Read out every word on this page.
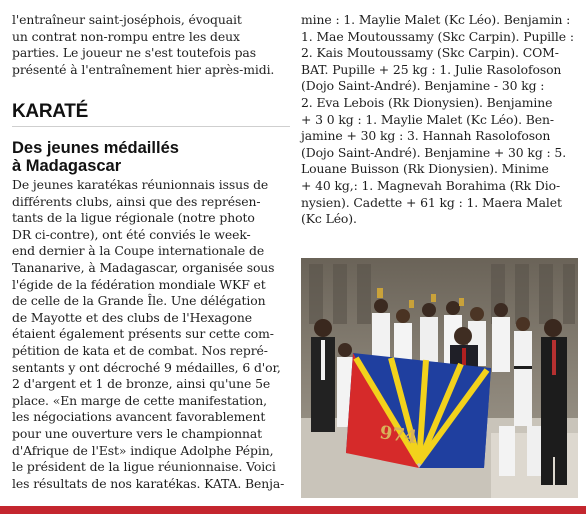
l'entraîneur saint-joséphois, évoquait

un contrat non-rompu entre les deux

parties. Le joueur ne s'est toutefois pas

présenté à l'entraînement hier après-midi.

KARATÉ
Des jeunes médaillés
à Madagascar

De jeunes karatékas réunionnais issus de

différents clubs, ainsi que des représen-

tants de la ligue régionale (notre photo

DR ci-contre), ont été conviés le week-

end dernier à la Coupe internationale de

Tananarive, à Madagascar, organisée sous

l'égide de la fédération mondiale WKF et

de celle de la Grande Île. Une délégation

de Mayotte et des clubs de l'Hexagone

étaient également présents sur cette com-

pétition de kata et de combat. Nos repré-

sentants y ont décroché 9 médailles, 6 d'or,

2 d'argent et 1 de bronze, ainsi qu'une 5e

place. «En marge de cette manifestation,

les négociations avancent favorablement

pour une ouverture vers le championnat

d'Afrique de l'Est» indique Adolphe Pépin,

le président de la ligue réunionnaise. Voici

les résultats de nos karatékas. KATA. Benja-

mine : 1. Maylie Malet (Kc Léo). Benjamin :

1. Mae Moutoussamy (Skc Carpin). Pupille :

2. Kais Moutoussamy (Skc Carpin). COM-

BAT. Pupille + 25 kg : 1. Julie Rasolofoson

(Dojo Saint-André). Benjamine - 30 kg :

2. Eva Lebois (Rk Dionysien). Benjamine

+ 3 0 kg : 1. Maylie Malet (Kc Léo). Ben-

jamine + 30 kg : 3. Hannah Rasolofoson

(Dojo Saint-André). Benjamine + 30 kg : 5.

Louane Buisson (Rk Dionysien). Minime

+ 40 kg,: 1. Magnevah Borahima (Rk Dio-

nysien). Cadette + 61 kg : 1. Maera Malet

(Kc Léo).

974
